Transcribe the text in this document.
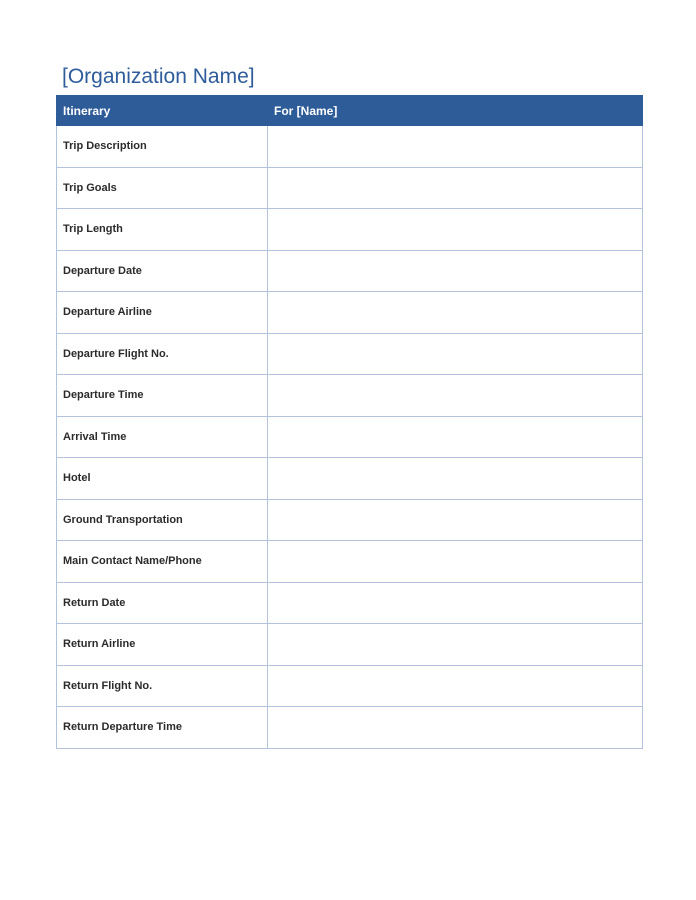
[Organization Name]
Itinerary	For [Name]
Trip Description	
Trip Goals	
Trip Length	
Departure Date	
Departure Airline	
Departure Flight No.	
Departure Time	
Arrival Time	
Hotel	
Ground Transportation	
Main Contact Name/Phone	
Return Date	
Return Airline	
Return Flight No.	
Return Departure Time	
